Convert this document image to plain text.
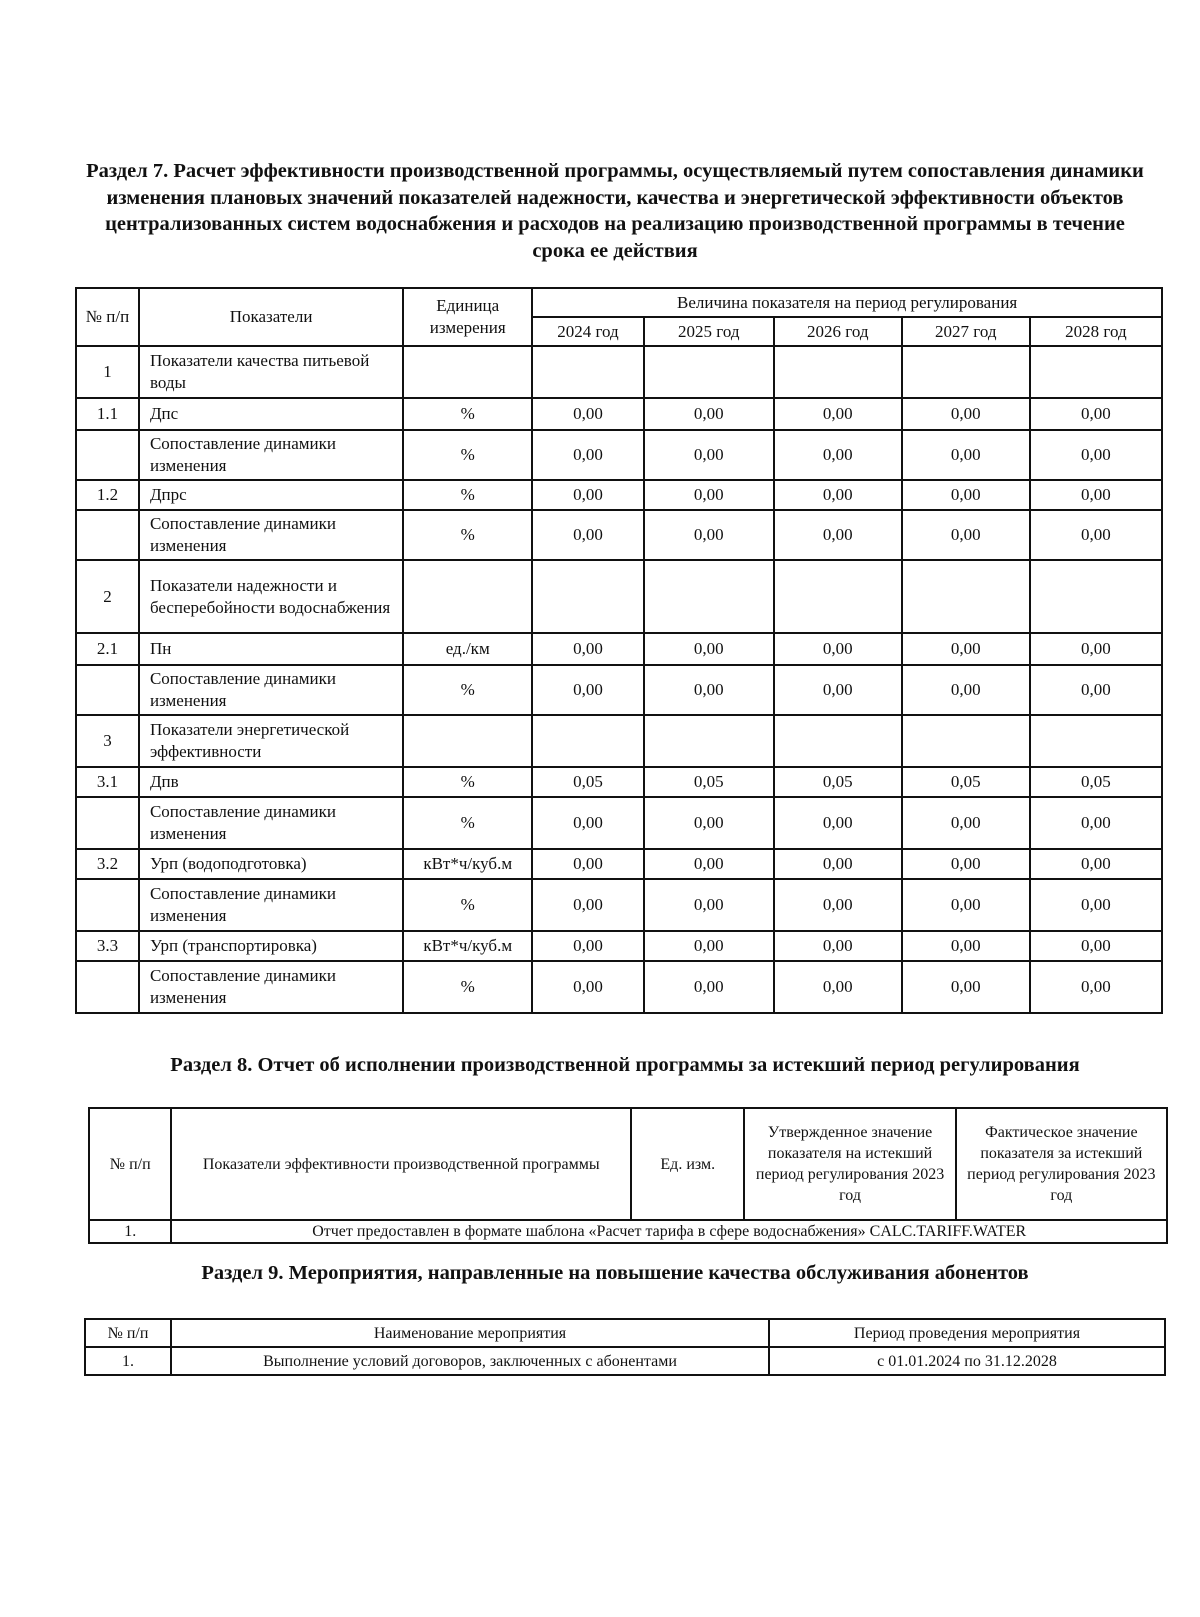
Раздел 7. Расчет эффективности производственной программы, осуществляемый путем сопоставления динамики изменения плановых значений показателей надежности, качества и энергетической эффективности объектов централизованных систем водоснабжения и расходов на реализацию производственной программы в течение срока ее действия
№ п/п	Показатели	Единица измерения	Величина показателя на период регулирования				
			2024 год	2025 год	2026 год	2027 год	2028 год
1	Показатели качества питьевой воды						
1.1	Дпс	%	0,00	0,00	0,00	0,00	0,00
	Сопоставление динамики изменения	%	0,00	0,00	0,00	0,00	0,00
1.2	Дпрс	%	0,00	0,00	0,00	0,00	0,00
	Сопоставление динамики изменения	%	0,00	0,00	0,00	0,00	0,00
2	Показатели надежности и бесперебойности водоснабжения						
2.1	Пн	ед./км	0,00	0,00	0,00	0,00	0,00
	Сопоставление динамики изменения	%	0,00	0,00	0,00	0,00	0,00
3	Показатели энергетической эффективности						
3.1	Дпв	%	0,05	0,05	0,05	0,05	0,05
	Сопоставление динамики изменения	%	0,00	0,00	0,00	0,00	0,00
3.2	Урп (водоподготовка)	кВт*ч/куб.м	0,00	0,00	0,00	0,00	0,00
	Сопоставление динамики изменения	%	0,00	0,00	0,00	0,00	0,00
3.3	Урп (транспортировка)	кВт*ч/куб.м	0,00	0,00	0,00	0,00	0,00
	Сопоставление динамики изменения	%	0,00	0,00	0,00	0,00	0,00
Раздел 8. Отчет об исполнении производственной программы за истекший период регулирования
№ п/п	Показатели эффективности производственной программы	Ед. изм.	Утвержденное значение показателя на истекший период регулирования 2023 год	Фактическое значение показателя за истекший период регулирования 2023 год
1.	Отчет предоставлен в формате шаблона «Расчет тарифа в сфере водоснабжения» CALC.TARIFF.WATER			
Раздел 9. Мероприятия, направленные на повышение качества обслуживания абонентов
№ п/п	Наименование мероприятия	Период проведения мероприятия
1.	Выполнение условий договоров, заключенных с абонентами	с 01.01.2024 по 31.12.2028
